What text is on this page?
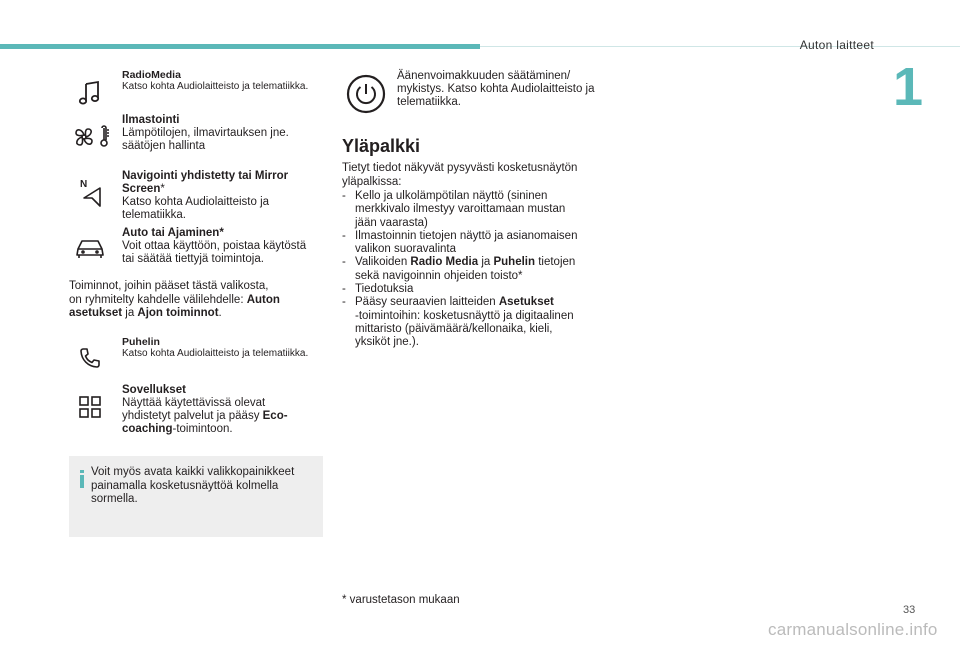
Auton laitteet
1

RadioMedia

Katso kohta Audiolaitteisto ja telematiikka.

Ilmastointi

Lämpötilojen, ilmavirtauksen jne.

säätöjen hallinta

N

Navigointi yhdistetty tai Mirror

Screen*

Katso kohta Audiolaitteisto ja

telematiikka.

Auto tai Ajaminen*

Voit ottaa käyttöön, poistaa käytöstä

tai säätää tiettyjä toimintoja.

Toiminnot, joihin pääset tästä valikosta,

on ryhmitelty kahdelle välilehdelle: Auton

asetukset ja Ajon toiminnot.

Puhelin

Katso kohta Audiolaitteisto ja telematiikka.

Sovellukset

Näyttää käytettävissä olevat

yhdistetyt palvelut ja pääsy Eco-

coaching-toimintoon.

Voit myös avata kaikki valikkopainikkeet

painamalla kosketusnäyttöä kolmella

sormella.

Äänenvoimakkuuden säätäminen/

mykistys. Katso kohta Audiolaitteisto ja

telematiikka.

Yläpalkki

Tietyt tiedot näkyvät pysyvästi kosketusnäytön

yläpalkissa:

- Kello ja ulkolämpötilan näyttö (sininen

merkkivalo ilmestyy varoittamaan mustan

jään vaarasta)

- Ilmastoinnin tietojen näyttö ja asianomaisen

valikon suoravalinta

- Valikoiden Radio Media ja Puhelin tietojen

sekä navigoinnin ohjeiden toisto*

- Tiedotuksia

- Pääsy seuraavien laitteiden Asetukset

-toimintoihin: kosketusnäyttö ja digitaalinen

mittaristo (päivämäärä/kellonaika, kieli,

yksiköt jne.).

* varustetason mukaan
33
carmanualsonline.info
